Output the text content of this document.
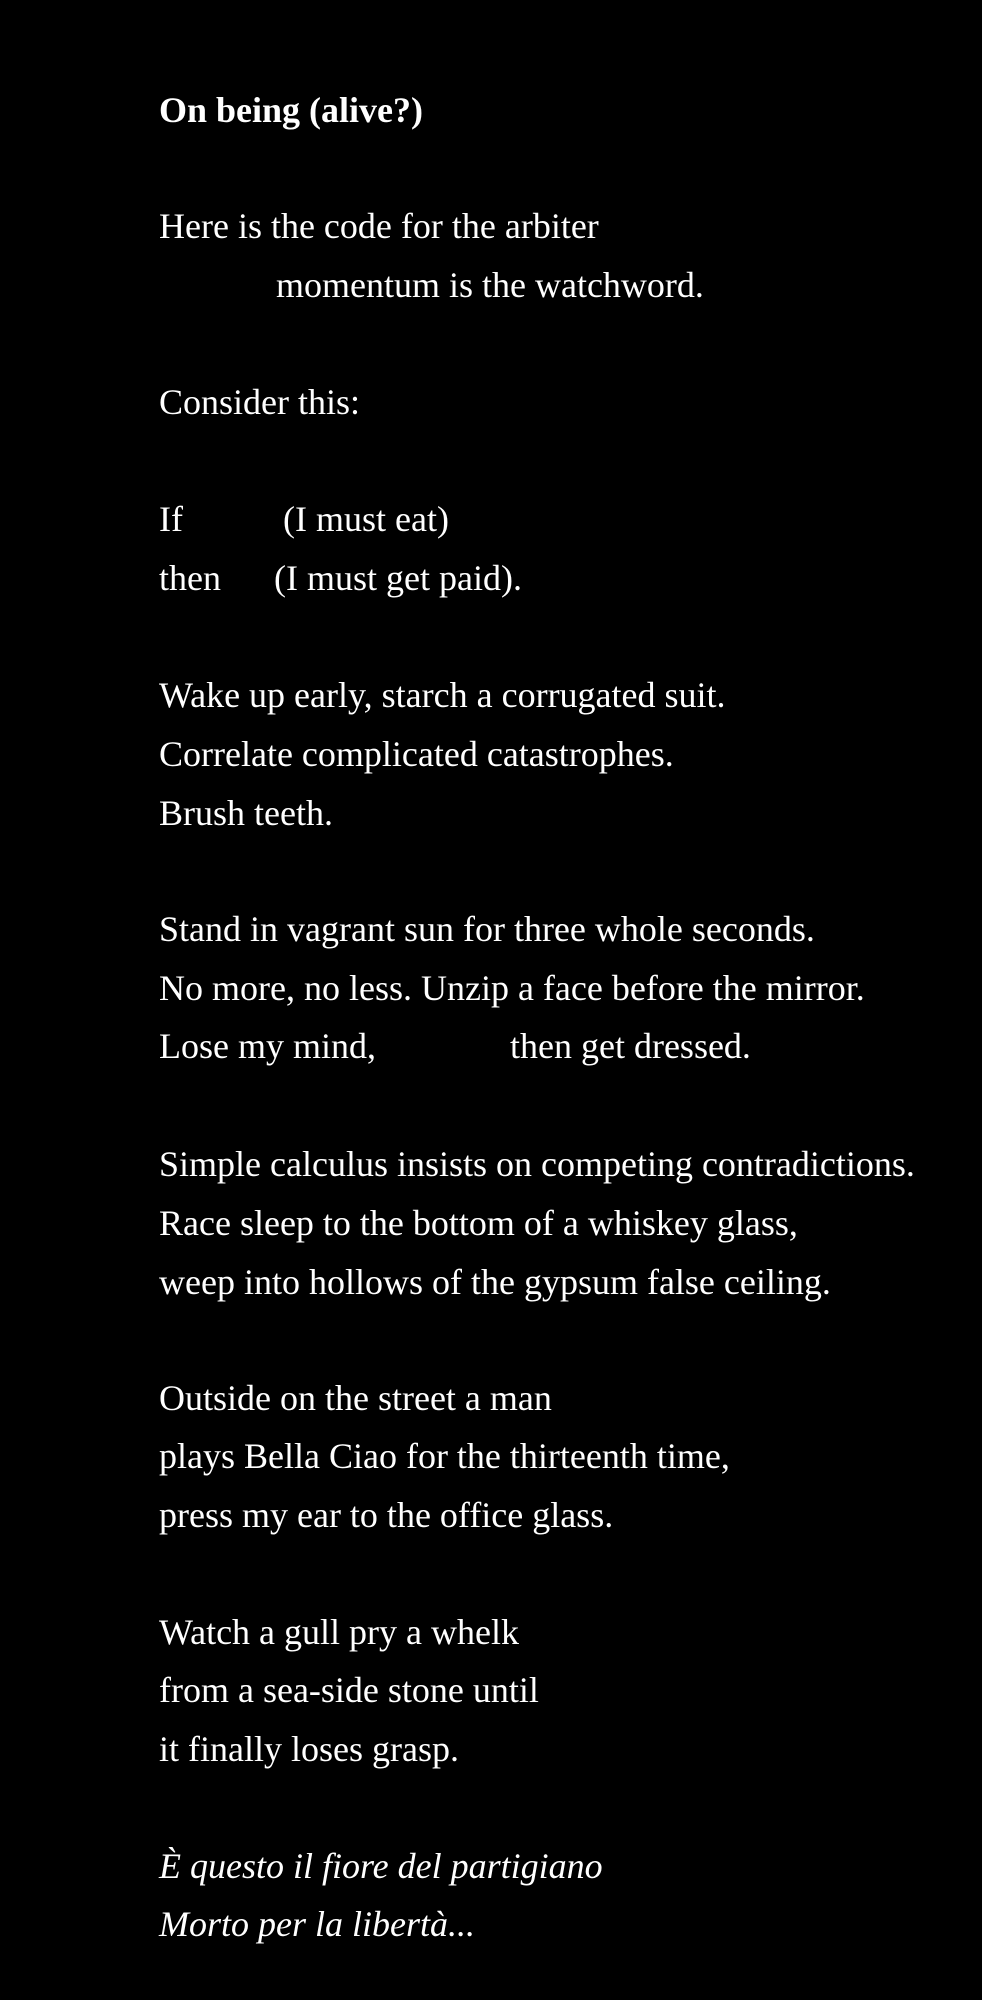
On being (alive?)
Here is the code for the arbiter
momentum is the watchword.
Consider this:

If

	(I must eat)

then

(I must get paid).

Wake up early, starch a corrugated suit.
Correlate complicated catastrophes.
Brush teeth.
Stand in vagrant sun for three whole seconds.
No more, no less. Unzip a face before the mirror.

Lose my mind,

	then get dressed.

Simple calculus insists on competing contradictions.
Race sleep to the bottom of a whiskey glass,
weep into hollows of the gypsum false ceiling.
Outside on the street a man
plays Bella Ciao for the thirteenth time,
press my ear to the office glass.
Watch a gull pry a whelk
from a sea-side stone until
it finally loses grasp.
È questo il fiore del partigiano
Morto per la libertà...
